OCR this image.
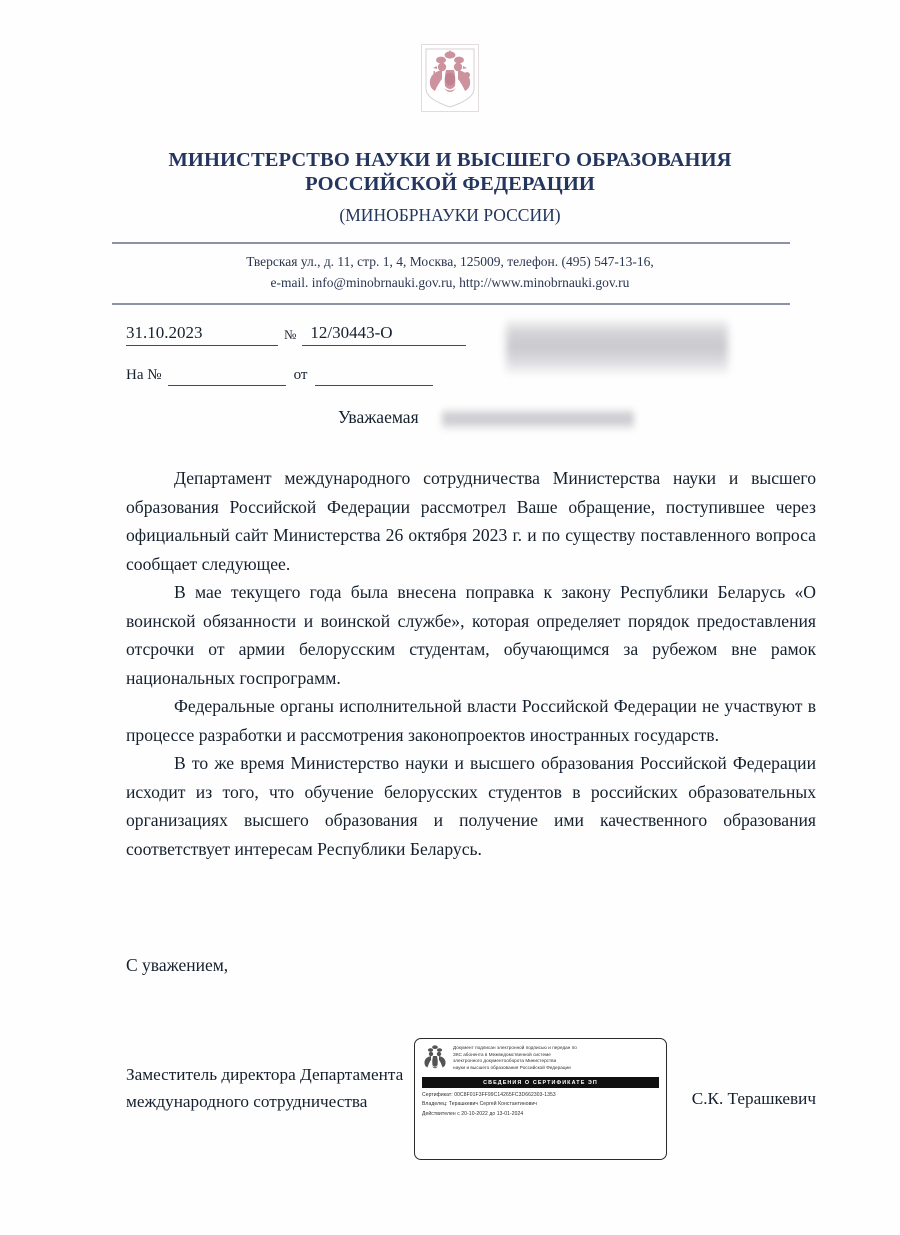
МИНИСТЕРСТВО НАУКИ И ВЫСШЕГО ОБРАЗОВАНИЯ
РОССИЙСКОЙ ФЕДЕРАЦИИ
(МИНОБРНАУКИ РОССИИ)
Тверская ул., д. 11, стр. 1, 4, Москва, 125009, телефон. (495) 547-13-16,
e-mail. info@minobrnauki.gov.ru, http://www.minobrnauki.gov.ru
31.10.2023	№ 12/30443-О
На №	от
Уважаемая

Департамент международного сотрудничества Министерства науки и высшего образования Российской Федерации рассмотрел Ваше обращение, поступившее через официальный сайт Министерства 26 октября 2023 г. и по существу поставленного вопроса сообщает следующее.

В мае текущего года была внесена поправка к закону Республики Беларусь «О воинской обязанности и воинской службе», которая определяет порядок предоставления отсрочки от армии белорусским студентам, обучающимся за рубежом вне рамок национальных госпрограмм.

Федеральные органы исполнительной власти Российской Федерации не участвуют в процессе разработки и рассмотрения законопроектов иностранных государств.

В то же время Министерство науки и высшего образования Российской Федерации исходит из того, что обучение белорусских студентов в российских образовательных организациях высшего образования и получение ими качественного образования соответствует интересам Республики Беларусь.

С уважением,
Заместитель директора Департамента
международного сотрудничества	С.К. Терашкевич
Документ подписан электронной подписью и передан по
ЗКС абонента в Межведомственной системе
электронного документооборота Министерства
науки и высшего образования Российской Федерации
СВЕДЕНИЯ О СЕРТИФИКАТЕ ЭП
Сертификат: 00С8F01F3FF99C14265FC3D662303-1353
Владелец: Терашкевич Сергей Константинович
Действителен с 20-10-2022 до 13-01-2024
